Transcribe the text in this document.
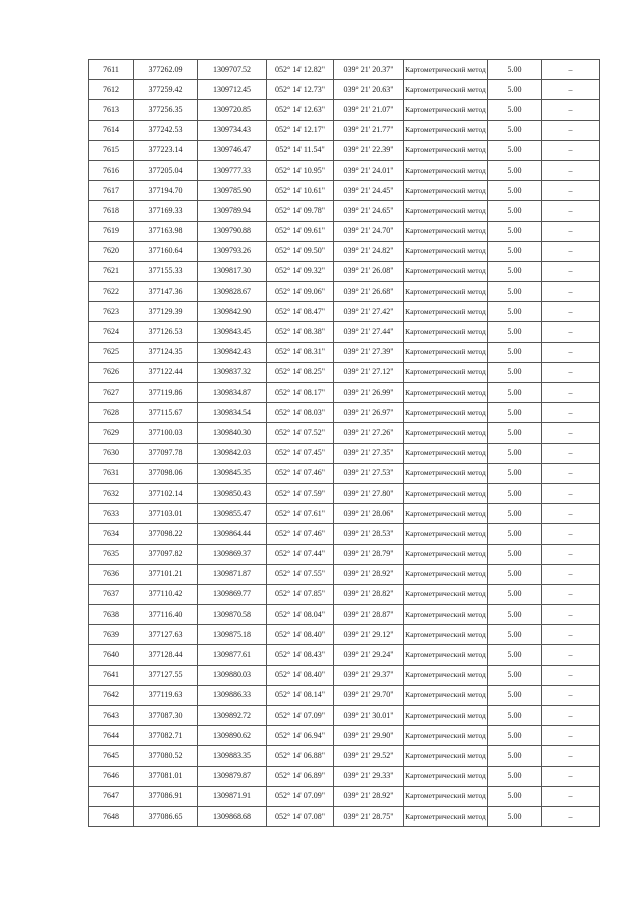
7611	377262.09	1309707.52	052° 14' 12.82"	039° 21' 20.37"	Картометрический метод	5.00	–
7612	377259.42	1309712.45	052° 14' 12.73"	039° 21' 20.63"	Картометрический метод	5.00	–
7613	377256.35	1309720.85	052° 14' 12.63"	039° 21' 21.07"	Картометрический метод	5.00	–
7614	377242.53	1309734.43	052° 14' 12.17"	039° 21' 21.77"	Картометрический метод	5.00	–
7615	377223.14	1309746.47	052° 14' 11.54"	039° 21' 22.39"	Картометрический метод	5.00	–
7616	377205.04	1309777.33	052° 14' 10.95"	039° 21' 24.01"	Картометрический метод	5.00	–
7617	377194.70	1309785.90	052° 14' 10.61"	039° 21' 24.45"	Картометрический метод	5.00	–
7618	377169.33	1309789.94	052° 14' 09.78"	039° 21' 24.65"	Картометрический метод	5.00	–
7619	377163.98	1309790.88	052° 14' 09.61"	039° 21' 24.70"	Картометрический метод	5.00	–
7620	377160.64	1309793.26	052° 14' 09.50"	039° 21' 24.82"	Картометрический метод	5.00	–
7621	377155.33	1309817.30	052° 14' 09.32"	039° 21' 26.08"	Картометрический метод	5.00	–
7622	377147.36	1309828.67	052° 14' 09.06"	039° 21' 26.68"	Картометрический метод	5.00	–
7623	377129.39	1309842.90	052° 14' 08.47"	039° 21' 27.42"	Картометрический метод	5.00	–
7624	377126.53	1309843.45	052° 14' 08.38"	039° 21' 27.44"	Картометрический метод	5.00	–
7625	377124.35	1309842.43	052° 14' 08.31"	039° 21' 27.39"	Картометрический метод	5.00	–
7626	377122.44	1309837.32	052° 14' 08.25"	039° 21' 27.12"	Картометрический метод	5.00	–
7627	377119.86	1309834.87	052° 14' 08.17"	039° 21' 26.99"	Картометрический метод	5.00	–
7628	377115.67	1309834.54	052° 14' 08.03"	039° 21' 26.97"	Картометрический метод	5.00	–
7629	377100.03	1309840.30	052° 14' 07.52"	039° 21' 27.26"	Картометрический метод	5.00	–
7630	377097.78	1309842.03	052° 14' 07.45"	039° 21' 27.35"	Картометрический метод	5.00	–
7631	377098.06	1309845.35	052° 14' 07.46"	039° 21' 27.53"	Картометрический метод	5.00	–
7632	377102.14	1309850.43	052° 14' 07.59"	039° 21' 27.80"	Картометрический метод	5.00	–
7633	377103.01	1309855.47	052° 14' 07.61"	039° 21' 28.06"	Картометрический метод	5.00	–
7634	377098.22	1309864.44	052° 14' 07.46"	039° 21' 28.53"	Картометрический метод	5.00	–
7635	377097.82	1309869.37	052° 14' 07.44"	039° 21' 28.79"	Картометрический метод	5.00	–
7636	377101.21	1309871.87	052° 14' 07.55"	039° 21' 28.92"	Картометрический метод	5.00	–
7637	377110.42	1309869.77	052° 14' 07.85"	039° 21' 28.82"	Картометрический метод	5.00	–
7638	377116.40	1309870.58	052° 14' 08.04"	039° 21' 28.87"	Картометрический метод	5.00	–
7639	377127.63	1309875.18	052° 14' 08.40"	039° 21' 29.12"	Картометрический метод	5.00	–
7640	377128.44	1309877.61	052° 14' 08.43"	039° 21' 29.24"	Картометрический метод	5.00	–
7641	377127.55	1309880.03	052° 14' 08.40"	039° 21' 29.37"	Картометрический метод	5.00	–
7642	377119.63	1309886.33	052° 14' 08.14"	039° 21' 29.70"	Картометрический метод	5.00	–
7643	377087.30	1309892.72	052° 14' 07.09"	039° 21' 30.01"	Картометрический метод	5.00	–
7644	377082.71	1309890.62	052° 14' 06.94"	039° 21' 29.90"	Картометрический метод	5.00	–
7645	377080.52	1309883.35	052° 14' 06.88"	039° 21' 29.52"	Картометрический метод	5.00	–
7646	377081.01	1309879.87	052° 14' 06.89"	039° 21' 29.33"	Картометрический метод	5.00	–
7647	377086.91	1309871.91	052° 14' 07.09"	039° 21' 28.92"	Картометрический метод	5.00	–
7648	377086.65	1309868.68	052° 14' 07.08"	039° 21' 28.75"	Картометрический метод	5.00	–
